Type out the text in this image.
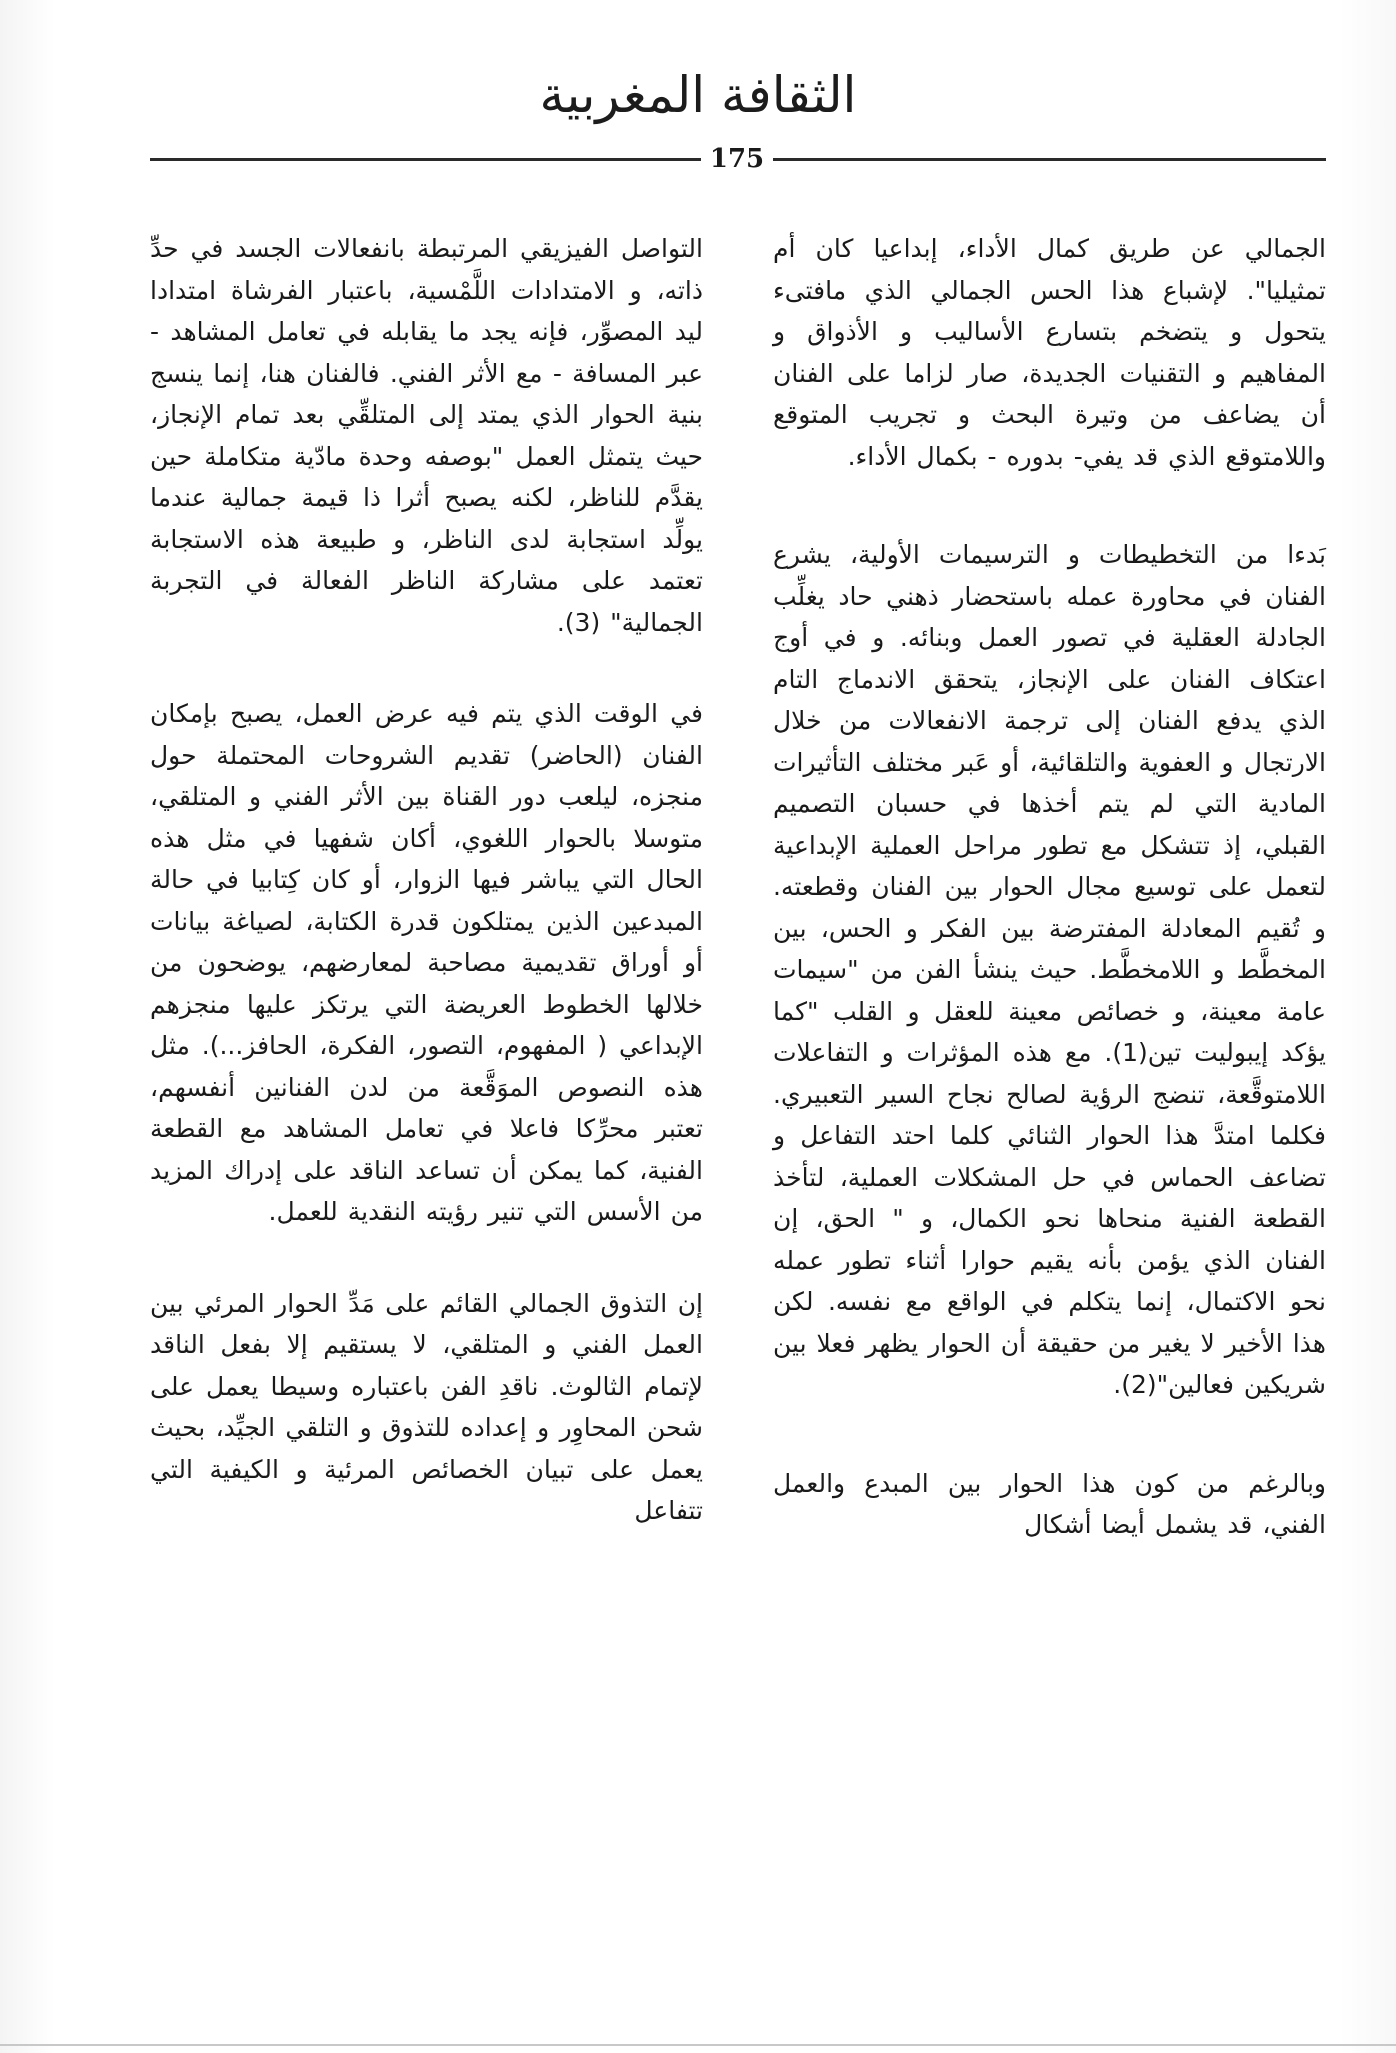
الثقافة المغربية
175

الجمالي عن طريق كمال الأداء، إبداعيا كان أم تمثيليا". لإشباع هذا الحس الجمالي الذي مافتىء يتحول و يتضخم بتسارع الأساليب و الأذواق و المفاهيم و التقنيات الجديدة، صار لزاما على الفنان أن يضاعف من وتيرة البحث و تجريب المتوقع واللامتوقع الذي قد يفي- بدوره - بكمال الأداء.

بَدءا من التخطيطات و الترسيمات الأولية، يشرع الفنان في محاورة عمله باستحضار ذهني حاد يغلِّب الجادلة العقلية في تصور العمل وبنائه. و في أوج اعتكاف الفنان على الإنجاز، يتحقق الاندماج التام الذي يدفع الفنان إلى ترجمة الانفعالات من خلال الارتجال و العفوية والتلقائية، أو عَبر مختلف التأثيرات المادية التي لم يتم أخذها في حسبان التصميم القبلي، إذ تتشكل مع تطور مراحل العملية الإبداعية لتعمل على توسيع مجال الحوار بين الفنان وقطعته. و تُقيم المعادلة المفترضة بين الفكر و الحس، بين المخطَّط و اللامخطَّط. حيث ينشأ الفن من "سيمات عامة معينة، و خصائص معينة للعقل و القلب "كما يؤكد إيبوليت تين(1). مع هذه المؤثرات و التفاعلات اللامتوقَّعة، تنضج الرؤية لصالح نجاح السير التعبيري. فكلما امتدَّ هذا الحوار الثنائي كلما احتد التفاعل و تضاعف الحماس في حل المشكلات العملية، لتأخذ القطعة الفنية منحاها نحو الكمال، و " الحق، إن الفنان الذي يؤمن بأنه يقيم حوارا أثناء تطور عمله نحو الاكتمال، إنما يتكلم في الواقع مع نفسه. لكن هذا الأخير لا يغير من حقيقة أن الحوار يظهر فعلا بين شريكين فعالين"(2).

وبالرغم من كون هذا الحوار بين المبدع والعمل الفني، قد يشمل أيضا أشكال

التواصل الفيزيقي المرتبطة بانفعالات الجسد في حدِّ ذاته، و الامتدادات اللَّمْسية، باعتبار الفرشاة امتدادا ليد المصوِّر، فإنه يجد ما يقابله في تعامل المشاهد - عبر المسافة - مع الأثر الفني. فالفنان هنا، إنما ينسج بنية الحوار الذي يمتد إلى المتلقِّي بعد تمام الإنجاز، حيث يتمثل العمل "بوصفه وحدة مادّية متكاملة حين يقدَّم للناظر، لكنه يصبح أثرا ذا قيمة جمالية عندما يولِّد استجابة لدى الناظر، و طبيعة هذه الاستجابة تعتمد على مشاركة الناظر الفعالة في التجربة الجمالية" (3).

في الوقت الذي يتم فيه عرض العمل، يصبح بإمكان الفنان (الحاضر) تقديم الشروحات المحتملة حول منجزه، ليلعب دور القناة بين الأثر الفني و المتلقي، متوسلا بالحوار اللغوي، أكان شفهيا في مثل هذه الحال التي يباشر فيها الزوار، أو كان كِتابيا في حالة المبدعين الذين يمتلكون قدرة الكتابة، لصياغة بيانات أو أوراق تقديمية مصاحبة لمعارضهم، يوضحون من خلالها الخطوط العريضة التي يرتكز عليها منجزهم الإبداعي ( المفهوم، التصور، الفكرة، الحافز...). مثل هذه النصوص الموَقَّعة من لدن الفنانين أنفسهم، تعتبر محرِّكا فاعلا في تعامل المشاهد مع القطعة الفنية، كما يمكن أن تساعد الناقد على إدراك المزيد من الأسس التي تنير رؤيته النقدية للعمل.

إن التذوق الجمالي القائم على مَدِّ الحوار المرئي بين العمل الفني و المتلقي، لا يستقيم إلا بفعل الناقد لإتمام الثالوث. ناقدِ الفن باعتباره وسيطا يعمل على شحن المحاوِر و إعداده للتذوق و التلقي الجيِّد، بحيث يعمل على تبيان الخصائص المرئية و الكيفية التي تتفاعل
